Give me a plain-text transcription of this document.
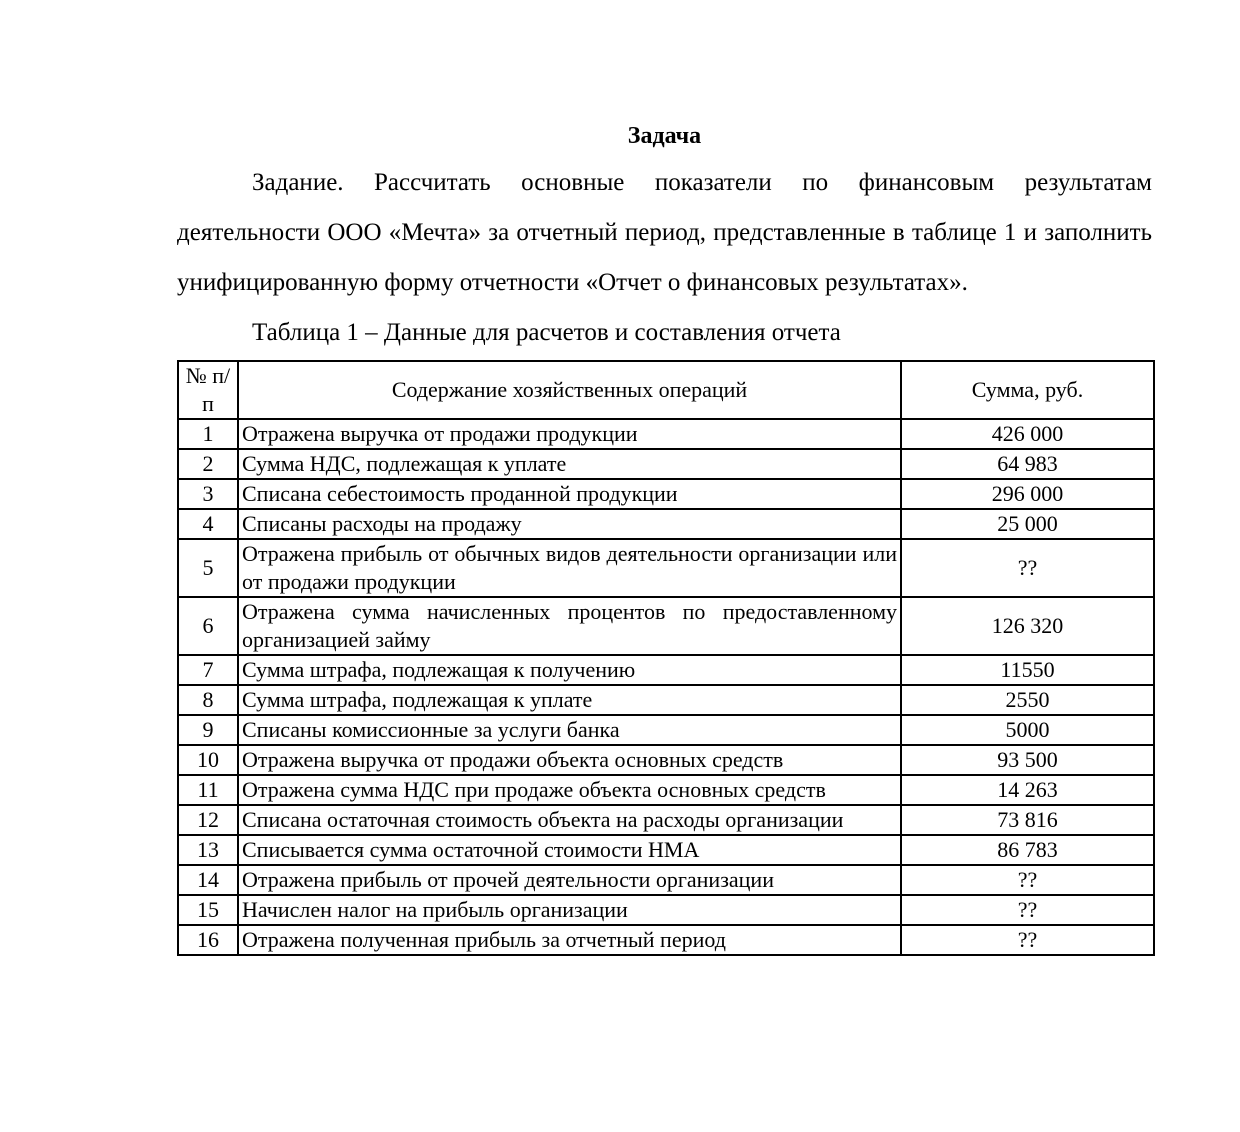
Задача

Задание. Рассчитать основные показатели по финансовым результатам деятельности ООО «Мечта» за отчетный период, представленные в таблице 1 и заполнить унифицированную форму отчетности «Отчет о финансовых результатах».

Таблица 1 – Данные для расчетов и составления отчета

№ п/п	Содержание хозяйственных операций	Сумма, руб.
1	Отражена выручка от продажи продукции	426 000
2	Сумма НДС, подлежащая к уплате	64 983
3	Списана себестоимость проданной продукции	296 000
4	Списаны расходы на продажу	25 000
5	Отражена прибыль от обычных видов деятельности организации или от продажи продукции	??
6	Отражена сумма начисленных процентов по предоставленному организацией займу	126 320
7	Сумма штрафа, подлежащая к получению	11550
8	Сумма штрафа, подлежащая к уплате	2550
9	Списаны комиссионные за услуги банка	5000
10	Отражена выручка от продажи объекта основных средств	93 500
11	Отражена сумма НДС при продаже объекта основных средств	14 263
12	Списана остаточная стоимость объекта на расходы организации	73 816
13	Списывается сумма остаточной стоимости НМА	86 783
14	Отражена прибыль от прочей деятельности организации	??
15	Начислен налог на прибыль организации	??
16	Отражена полученная прибыль за отчетный период	??
